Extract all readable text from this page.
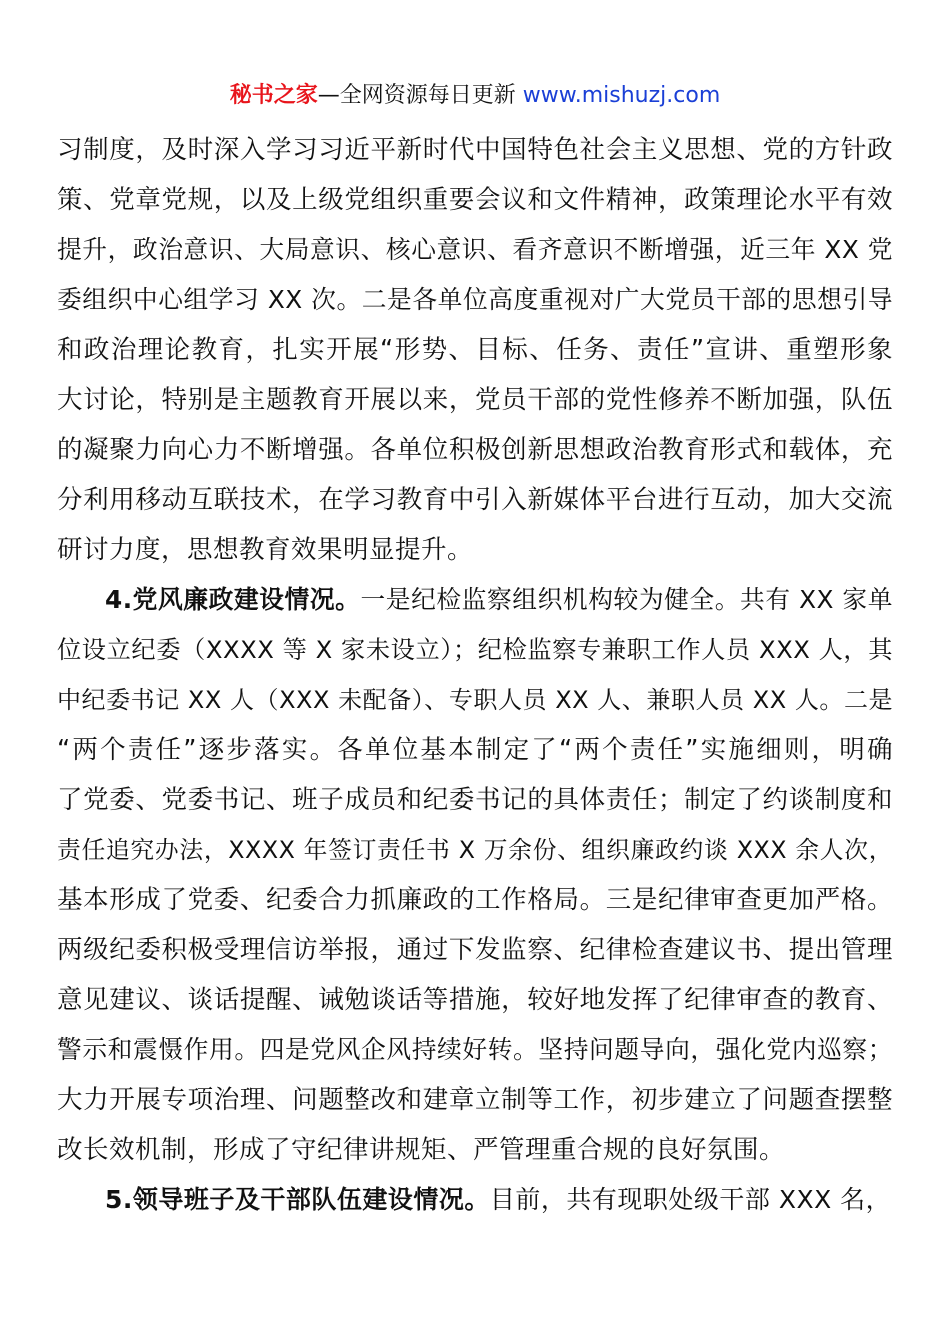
秘书之家—全网资源每日更新 www.mishuzj.com
习制度，及时深入学习习近平新时代中国特色社会主义思想、党的方针政
策、党章党规，以及上级党组织重要会议和文件精神，政策理论水平有效
提升，政治意识、大局意识、核心意识、看齐意识不断增强，近三年 XX 党
委组织中心组学习 XX 次。二是各单位高度重视对广大党员干部的思想引导
和政治理论教育，扎实开展“形势、目标、任务、责任”宣讲、重塑形象
大讨论，特别是主题教育开展以来，党员干部的党性修养不断加强，队伍
的凝聚力向心力不断增强。各单位积极创新思想政治教育形式和载体，充
分利用移动互联技术，在学习教育中引入新媒体平台进行互动，加大交流
研讨力度，思想教育效果明显提升。
4.党风廉政建设情况。一是纪检监察组织机构较为健全。共有 XX 家单
位设立纪委（XXXX 等 X 家未设立）；纪检监察专兼职工作人员 XXX 人，其
中纪委书记 XX 人（XXX 未配备）、专职人员 XX 人、兼职人员 XX 人。二是
“两个责任”逐步落实。各单位基本制定了“两个责任”实施细则，明确
了党委、党委书记、班子成员和纪委书记的具体责任；制定了约谈制度和
责任追究办法，XXXX 年签订责任书 X 万余份、组织廉政约谈 XXX 余人次，
基本形成了党委、纪委合力抓廉政的工作格局。三是纪律审查更加严格。
两级纪委积极受理信访举报，通过下发监察、纪律检查建议书、提出管理
意见建议、谈话提醒、诫勉谈话等措施，较好地发挥了纪律审查的教育、
警示和震慑作用。四是党风企风持续好转。坚持问题导向，强化党内巡察；
大力开展专项治理、问题整改和建章立制等工作，初步建立了问题查摆整
改长效机制，形成了守纪律讲规矩、严管理重合规的良好氛围。
5.领导班子及干部队伍建设情况。目前，共有现职处级干部 XXX 名，
